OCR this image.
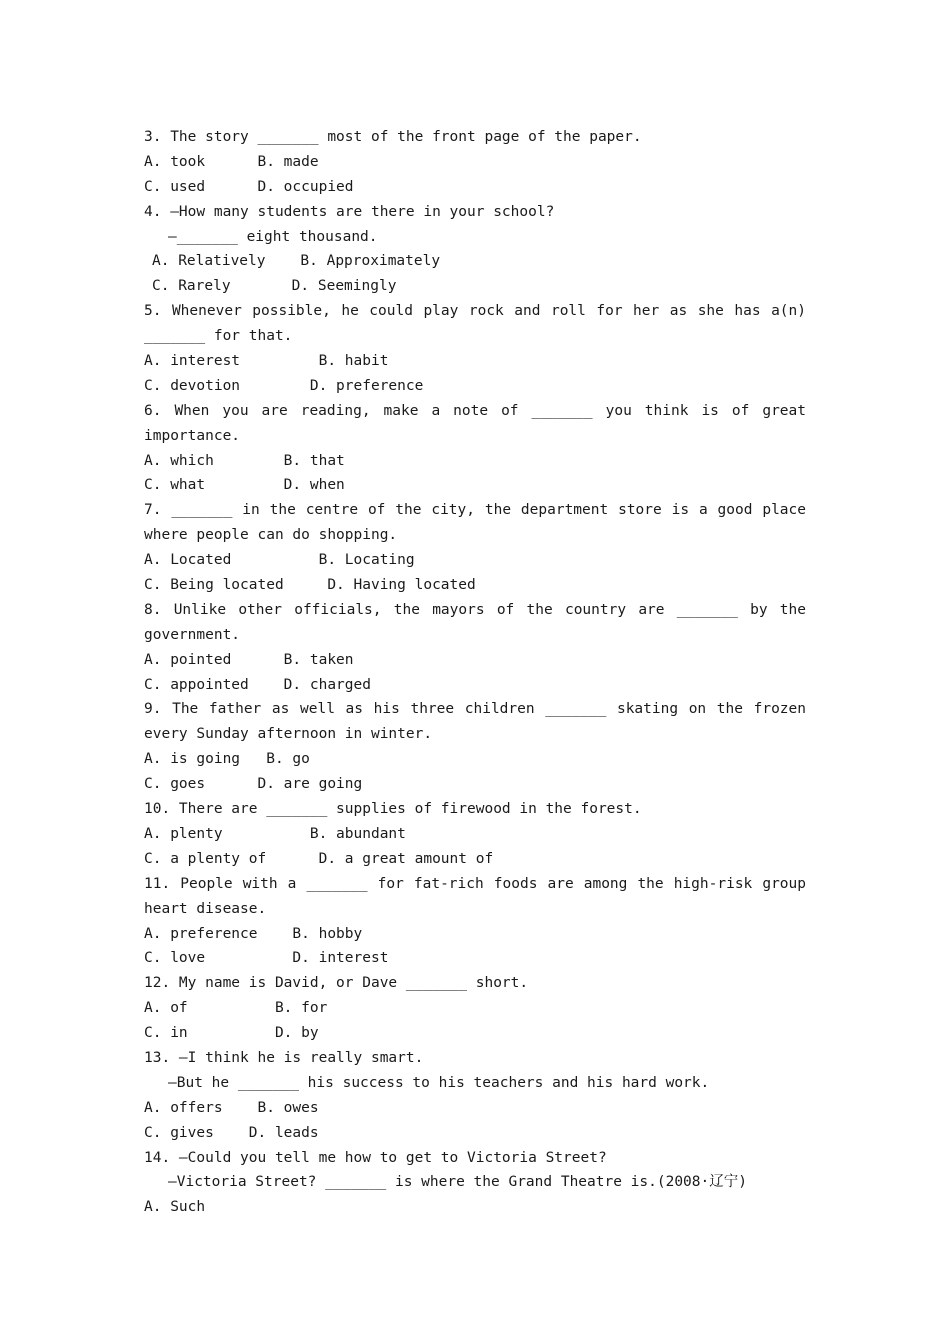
3. The story _______ most of the front page of the paper.
A. took      B. made
C. used      D. occupied
4. —How many students are there in your school?
—_______ eight thousand.
A. Relatively    B. Approximately
C. Rarely       D. Seemingly
5. Whenever possible, he could play rock and roll for her as she has a(n)
_______ for that.
A. interest         B. habit
C. devotion        D. preference
6. When you are reading, make a note of _______ you think is of great
importance.
A. which        B. that
C. what         D. when
7. _______ in the centre of the city, the department store is a good place
where people can do shopping.
A. Located          B. Locating
C. Being located     D. Having located
8. Unlike other officials, the mayors of the country are _______ by the
government.
A. pointed      B. taken
C. appointed    D. charged
9. The father as well as his three children _______ skating on the frozen
every Sunday afternoon in winter.
A. is going   B. go
C. goes      D. are going
10. There are _______ supplies of firewood in the forest.
A. plenty          B. abundant
C. a plenty of      D. a great amount of
11. People with a _______ for fat-rich foods are among the high-risk group
heart disease.
A. preference    B. hobby
C. love          D. interest
12. My name is David, or Dave _______ short.
A. of          B. for
C. in          D. by
13. —I think he is really smart.
—But he _______ his success to his teachers and his hard work.
A. offers    B. owes
C. gives    D. leads
14. —Could you tell me how to get to Victoria Street?
—Victoria Street? _______ is where the Grand Theatre is.(2008·辽宁)
A. Such
